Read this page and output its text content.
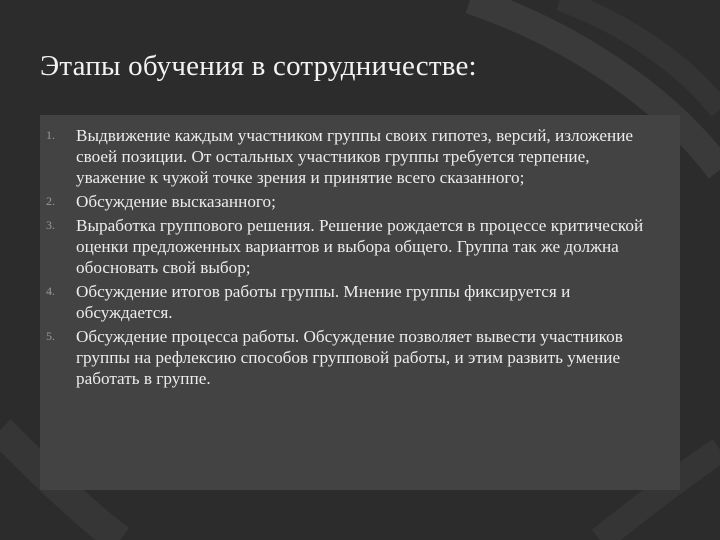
Этапы обучения в сотрудничестве:
1. Выдвижение каждым участником группы своих гипотез, версий, изложение своей позиции. От остальных участников группы требуется терпение, уважение к чужой точке зрения и принятие всего сказанного;
2. Обсуждение высказанного;
3. Выработка группового решения. Решение рождается в процессе критической оценки предложенных вариантов и выбора общего. Группа так же должна обосновать свой выбор;
4. Обсуждение итогов работы группы. Мнение группы фиксируется и обсуждается.
5. Обсуждение процесса работы. Обсуждение позволяет вывести участников группы на рефлексию способов групповой работы, и этим развить умение работать в группе.
